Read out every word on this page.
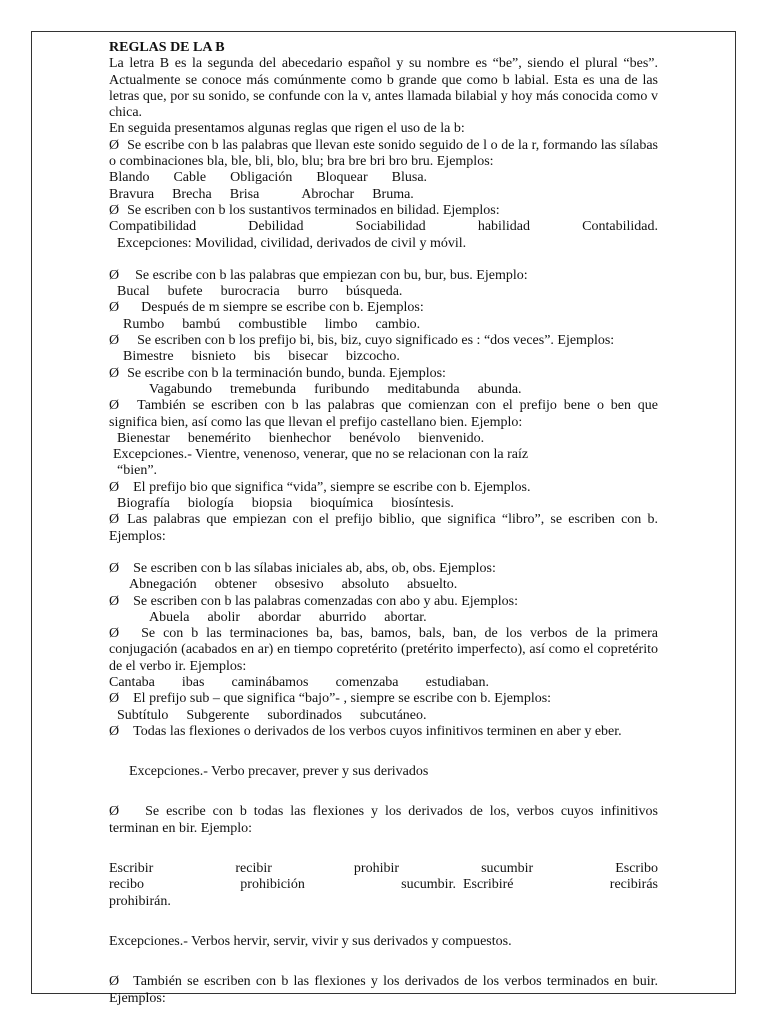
REGLAS DE LA B
La letra B es la segunda del abecedario español y su nombre es “be”, siendo el plural “bes”. Actualmente se conoce más comúnmente como b grande que como b labial. Esta es una de las letras que, por su sonido, se confunde con la v, antes llamada bilabial y hoy más conocida como v chica.
En seguida presentamos algunas reglas que rigen el uso de la b:
Ø Se escribe con b las palabras que llevan este sonido seguido de l o de la r, formando las sílabas o combinaciones bla, ble, bli, blo, blu; bra bre bri bro bru. Ejemplos:
Blando Cable Obligación Bloquear Blusa.
Bravura Brecha Brisa	Abrochar Bruma.
Ø Se escriben con b los sustantivos terminados en bilidad. Ejemplos:
Compatibilidad	Debilidad	Sociabilidad	habilidad	Contabilidad.
Excepciones: Movilidad, civilidad, derivados de civil y móvil.
Ø Se escribe con b las palabras que empiezan con bu, bur, bus. Ejemplo:
Bucal bufete burocracia burro búsqueda.
Ø Después de m siempre se escribe con b. Ejemplos:
Rumbo bambú combustible limbo cambio.
Ø Se escriben con b los prefijo bi, bis, biz, cuyo significado es : “dos veces”. Ejemplos:
Bimestre bisnieto bis bisecar bizcocho.
Ø Se escribe con b la terminación bundo, bunda. Ejemplos:
Vagabundo tremebunda furibundo meditabunda abunda.
Ø También se escriben con b las palabras que comienzan con el prefijo bene o ben que significa bien, así como las que llevan el prefijo castellano bien. Ejemplo:
Bienestar benemérito bienhechor benévolo bienvenido.
Excepciones.- Vientre, venenoso, venerar, que no se relacionan con la raíz
“bien”.
Ø El prefijo bio que significa “vida”, siempre se escribe con b. Ejemplos.
Biografía biología biopsia bioquímica biosíntesis.
Ø Las palabras que empiezan con el prefijo biblio, que significa “libro”, se escriben con b. Ejemplos:
Ø Se escriben con b las sílabas iniciales ab, abs, ob, obs. Ejemplos:
Abnegación obtener obsesivo absoluto absuelto.
Ø Se escriben con b las palabras comenzadas con abo y abu. Ejemplos:
Abuela abolir abordar aburrido abortar.
Ø Se con b las terminaciones ba, bas, bamos, bals, ban, de los verbos de la primera conjugación (acabados en ar) en tiempo copretérito (pretérito imperfecto), así como el copretérito de el verbo ir. Ejemplos:
Cantaba ibas caminábamos comenzaba estudiaban.
Ø El prefijo sub – que significa “bajo”- , siempre se escribe con b. Ejemplos:
Subtítulo Subgerente subordinados subcutáneo.
Ø Todas las flexiones o derivados de los verbos cuyos infinitivos terminen en aber y eber.
Excepciones.- Verbo precaver, prever y sus derivados
Ø Se escribe con b todas las flexiones y los derivados de los, verbos cuyos infinitivos terminan en bir. Ejemplo:
Escribir	recibir	prohibir	sucumbir	Escribo
recibo	prohibición	sucumbir.  Escribiré	recibirás
prohibirán.
Excepciones.- Verbos hervir, servir, vivir y sus derivados y compuestos.
Ø También se escriben con b las flexiones y los derivados de los verbos terminados en buir. Ejemplos:
